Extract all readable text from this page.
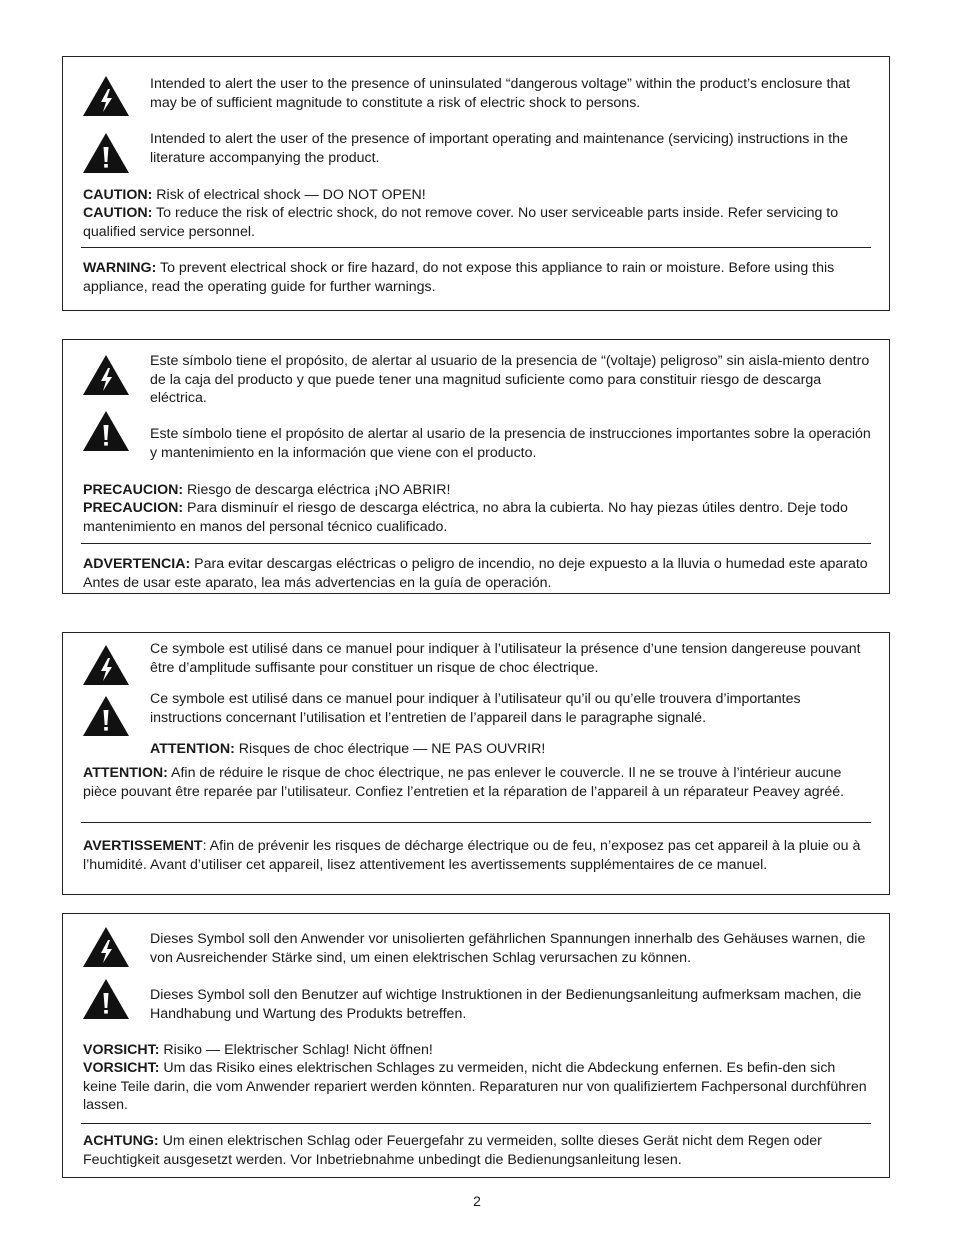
Intended to alert the user to the presence of uninsulated “dangerous voltage” within the product’s enclosure that may be of sufficient magnitude to constitute a risk of electric shock to persons.
Intended to alert the user of the presence of important operating and maintenance (servicing) instructions in the literature accompanying the product.
CAUTION: Risk of electrical shock — DO NOT OPEN!
CAUTION: To reduce the risk of electric shock, do not remove cover. No user serviceable parts inside. Refer servicing to qualified service personnel.
WARNING: To prevent electrical shock or fire hazard, do not expose this appliance to rain or moisture. Before using this appliance, read the operating guide for further warnings.
Este símbolo tiene el propósito, de alertar al usuario de la presencia de “(voltaje) peligroso” sin aisla-miento dentro de la caja del producto y que puede tener una magnitud suficiente como para constituir riesgo de descarga eléctrica.
Este símbolo tiene el propósito de alertar al usario de la presencia de instrucciones importantes sobre la operación y mantenimiento en la información que viene con el producto.
PRECAUCION: Riesgo de descarga eléctrica ¡NO ABRIR!
PRECAUCION: Para disminuír el riesgo de descarga eléctrica, no abra la cubierta. No hay piezas útiles dentro. Deje todo mantenimiento en manos del personal técnico cualificado.
ADVERTENCIA: Para evitar descargas eléctricas o peligro de incendio, no deje expuesto a la lluvia o humedad este aparato Antes de usar este aparato, lea más advertencias en la guía de operación.
Ce symbole est utilisé dans ce manuel pour indiquer à l’utilisateur la présence d’une tension dangereuse pouvant être d’amplitude suffisante pour constituer un risque de choc électrique.
Ce symbole est utilisé dans ce manuel pour indiquer à l’utilisateur qu’il ou qu’elle trouvera d’importantes instructions concernant l’utilisation et l’entretien de l’appareil dans le paragraphe signalé.
ATTENTION: Risques de choc électrique — NE PAS OUVRIR!
ATTENTION: Afin de réduire le risque de choc électrique, ne pas enlever le couvercle. Il ne se trouve à l’intérieur aucune pièce pouvant être reparée par l’utilisateur. Confiez l’entretien et la réparation de l’appareil à un réparateur Peavey agréé.
AVERTISSEMENT: Afin de prévenir les risques de décharge électrique ou de feu, n’exposez pas cet appareil à la pluie ou à l’humidité. Avant d’utiliser cet appareil, lisez attentivement les avertissements supplémentaires de ce manuel.
Dieses Symbol soll den Anwender vor unisolierten gefährlichen Spannungen innerhalb des Gehäuses warnen, die von Ausreichender Stärke sind, um einen elektrischen Schlag verursachen zu können.
Dieses Symbol soll den Benutzer auf wichtige Instruktionen in der Bedienungsanleitung aufmerksam machen, die Handhabung und Wartung des Produkts betreffen.
VORSICHT: Risiko — Elektrischer Schlag! Nicht öffnen!
VORSICHT: Um das Risiko eines elektrischen Schlages zu vermeiden, nicht die Abdeckung enfernen. Es befin-den sich keine Teile darin, die vom Anwender repariert werden könnten. Reparaturen nur von qualifiziertem Fachpersonal durchführen lassen.
ACHTUNG: Um einen elektrischen Schlag oder Feuergefahr zu vermeiden, sollte dieses Gerät nicht dem Regen oder Feuchtigkeit ausgesetzt werden. Vor Inbetriebnahme unbedingt die Bedienungsanleitung lesen.
2
